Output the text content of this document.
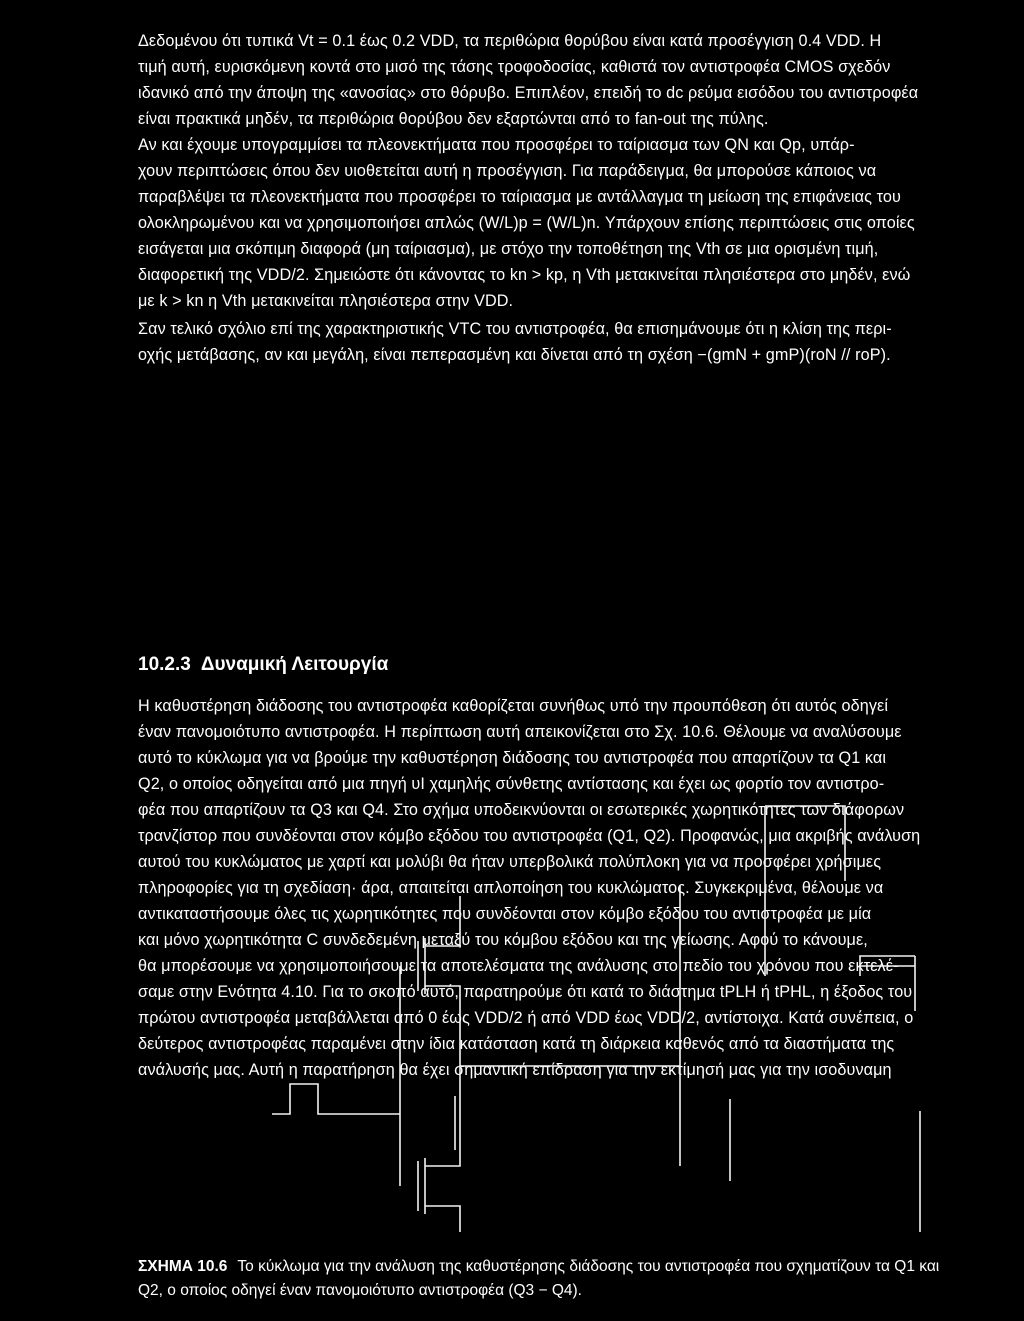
Δεδομένου ότι τυπικά Vt = 0.1 έως 0.2 VDD, τα περιθώρια θορύβου είναι κατά προσέγγιση 0.4 VDD. Η
τιμή αυτή, ευρισκόμενη κοντά στο μισό της τάσης τροφοδοσίας, καθιστά τον αντιστροφέα CMOS σχεδόν
ιδανικό από την άποψη της «ανοσίας» στο θόρυβο. Επιπλέον, επειδή το dc ρεύμα εισόδου του αντιστροφέα
είναι πρακτικά μηδέν, τα περιθώρια θορύβου δεν εξαρτώνται από το fan-out της πύλης.

Αν και έχουμε υπογραμμίσει τα πλεονεκτήματα που προσφέρει το ταίριασμα των QN και Qp, υπάρ-
χουν περιπτώσεις όπου δεν υιοθετείται αυτή η προσέγγιση. Για παράδειγμα, θα μπορούσε κάποιος να
παραβλέψει τα πλεονεκτήματα που προσφέρει το ταίριασμα με αντάλλαγμα τη μείωση της επιφάνειας του
ολοκληρωμένου και να χρησιμοποιήσει απλώς (W/L)p = (W/L)n. Υπάρχουν επίσης περιπτώσεις στις οποίες
εισάγεται μια σκόπιμη διαφορά (μη ταίριασμα), με στόχο την τοποθέτηση της Vth σε μια ορισμένη τιμή,
διαφορετική της VDD/2. Σημειώστε ότι κάνοντας το kn > kp, η Vth μετακινείται πλησιέστερα στο μηδέν, ενώ
με k > kn η Vth μετακινείται πλησιέστερα στην VDD.

Σαν τελικό σχόλιο επί της χαρακτηριστικής VTC του αντιστροφέα, θα επισημάνουμε ότι η κλίση της περι-
οχής μετάβασης, αν και μεγάλη, είναι πεπερασμένη και δίνεται από τη σχέση −(gmN + gmP)(roN // roP).

10.2.3 Δυναμική Λειτουργία

Η καθυστέρηση διάδοσης του αντιστροφέα καθορίζεται συνήθως υπό την προυπόθεση ότι αυτός οδηγεί
έναν πανομοιότυπο αντιστροφέα. Η περίπτωση αυτή απεικονίζεται στο Σχ. 10.6. Θέλουμε να αναλύσουμε
αυτό το κύκλωμα για να βρούμε την καθυστέρηση διάδοσης του αντιστροφέα που απαρτίζουν τα Q1 και
Q2, ο οποίος οδηγείται από μια πηγή υI χαμηλής σύνθετης αντίστασης και έχει ως φορτίο τον αντιστρο-
φέα που απαρτίζουν τα Q3 και Q4. Στο σχήμα υποδεικνύονται οι εσωτερικές χωρητικότητες των διάφορων
τρανζίστορ που συνδέονται στον κόμβο εξόδου του αντιστροφέα (Q1, Q2). Προφανώς, μια ακριβής ανάλυση
αυτού του κυκλώματος με χαρτί και μολύβι θα ήταν υπερβολικά πολύπλοκη για να προσφέρει χρήσιμες
πληροφορίες για τη σχεδίαση· άρα, απαιτείται απλοποίηση του κυκλώματος. Συγκεκριμένα, θέλουμε να
αντικαταστήσουμε όλες τις χωρητικότητες που συνδέονται στον κόμβο εξόδου του αντιστροφέα με μία
και μόνο χωρητικότητα C συνδεδεμένη μεταξύ του κόμβου εξόδου και της γείωσης. Αφού το κάνουμε,
θα μπορέσουμε να χρησιμοποιήσουμε τα αποτελέσματα της ανάλυσης στο πεδίο του χρόνου που εκτελέ-
σαμε στην Ενότητα 4.10. Για το σκοπό αυτό, παρατηρούμε ότι κατά το διάστημα tPLH ή tPHL, η έξοδος του
πρώτου αντιστροφέα μεταβάλλεται από 0 έως VDD/2 ή από VDD έως VDD/2, αντίστοιχα. Κατά συνέπεια, ο
δεύτερος αντιστροφέας παραμένει στην ίδια κατάσταση κατά τη διάρκεια καθενός από τα διαστήματα της
ανάλυσής μας. Αυτή η παρατήρηση θα έχει σημαντική επίδραση για την εκτίμησή μας για την ισοδυναμη

ΣΧΗΜΑ 10.6 Το κύκλωμα για την ανάλυση της καθυστέρησης διάδοσης του αντιστροφέα που σχηματίζουν τα Q1 και
Q2, ο οποίος οδηγεί έναν πανομοιότυπο αντιστροφέα (Q3 − Q4).
